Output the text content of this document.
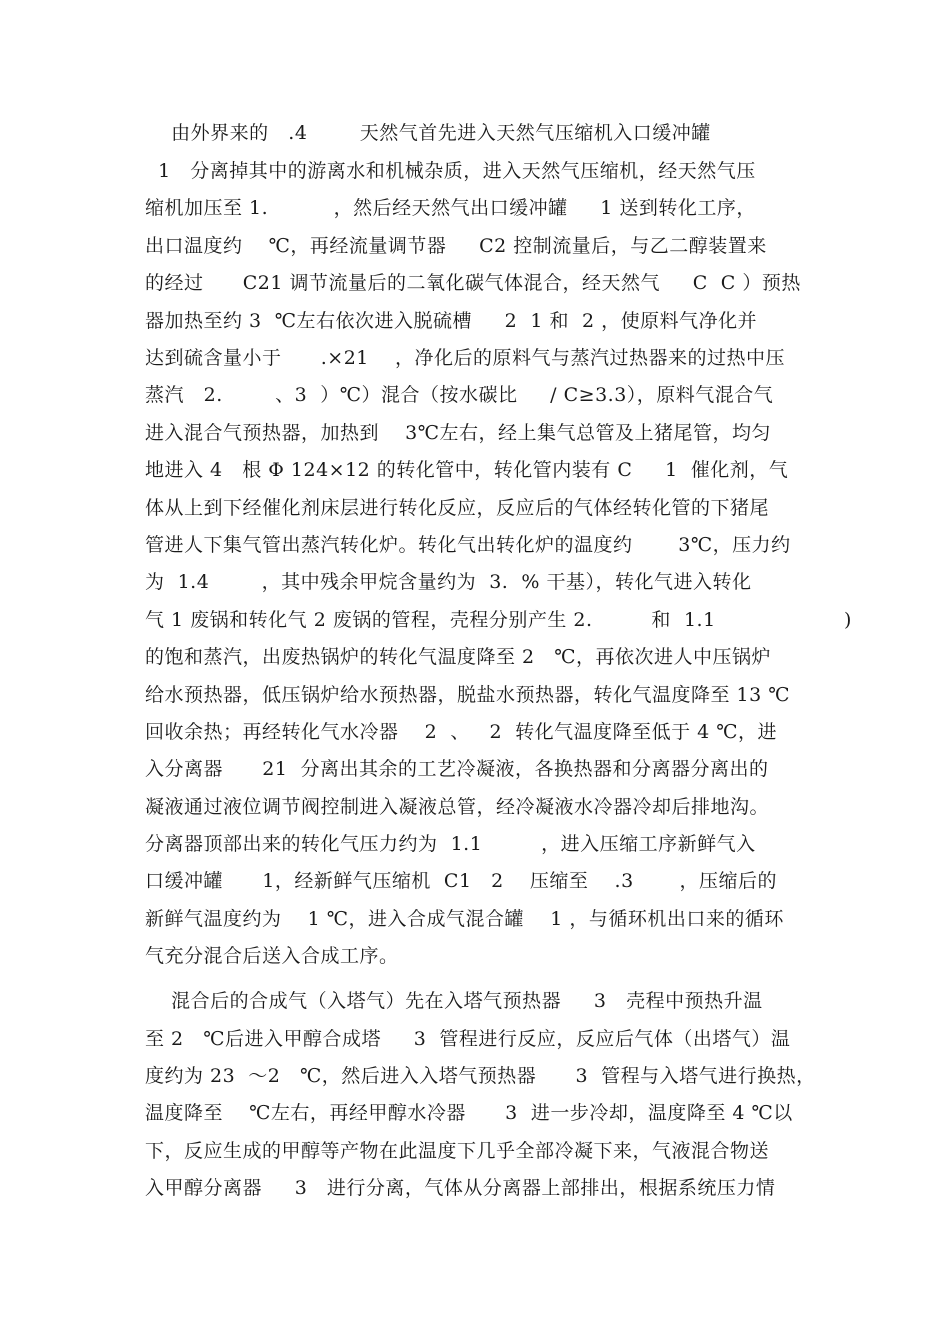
由外界来的   .4        天然气首先进入天然气压缩机入口缓冲罐
1   分离掉其中的游离水和机械杂质，进入天然气压缩机，经天然气压
缩机加压至 1.          ，然后经天然气出口缓冲罐     1 送到转化工序，
出口温度约    ℃，再经流量调节器     C2 控制流量后，与乙二醇装置来
的经过      C21 调节流量后的二氧化碳气体混合，经天然气     C  C ）预热
器加热至约 3  ℃左右依次进入脱硫槽     2  1 和  2 ，使原料气净化并
达到硫含量小于      .×21    ，净化后的原料气与蒸汽过热器来的过热中压
蒸汽   2.        、3  ）℃）混合（按水碳比     / C≥3.3），原料气混合气
进入混合气预热器，加热到    3℃左右，经上集气总管及上猪尾管，均匀
地进入 4   根 Φ 124×12 的转化管中，转化管内装有 C     1  催化剂，气
体从上到下经催化剂床层进行转化反应，反应后的气体经转化管的下猪尾
管进人下集气管出蒸汽转化炉。转化气出转化炉的温度约       3℃，压力约
为  1.4        ，其中残余甲烷含量约为  3.  % 干基），转化气进入转化
气 1 废锅和转化气 2 废锅的管程，壳程分别产生 2.         和  1.1
的饱和蒸汽，出废热锅炉的转化气温度降至 2   ℃，再依次进人中压锅炉
给水预热器，低压锅炉给水预热器，脱盐水预热器，转化气温度降至 13 ℃
回收余热；再经转化气水冷器    2  、   2  转化气温度降至低于 4 ℃，进
入分离器      21  分离出其余的工艺冷凝液，各换热器和分离器分离出的
凝液通过液位调节阀控制进入凝液总管，经冷凝液水冷器冷却后排地沟。
分离器顶部出来的转化气压力约为  1.1         ，进入压缩工序新鲜气入
口缓冲罐      1，经新鲜气压缩机  C1   2    压缩至    .3       ，压缩后的
新鲜气温度约为    1 ℃，进入合成气混合罐    1 ，与循环机出口来的循环
气充分混合后送入合成工序。
)
混合后的合成气（入塔气）先在入塔气预热器     3   壳程中预热升温
至 2   ℃后进入甲醇合成塔     3  管程进行反应，反应后气体（出塔气）温
度约为 23  ～2   ℃，然后进入入塔气预热器      3  管程与入塔气进行换热，
温度降至    ℃左右，再经甲醇水冷器      3  进一步冷却，温度降至 4 ℃以
下，反应生成的甲醇等产物在此温度下几乎全部冷凝下来，气液混合物送
入甲醇分离器     3   进行分离，气体从分离器上部排出，根据系统压力情
